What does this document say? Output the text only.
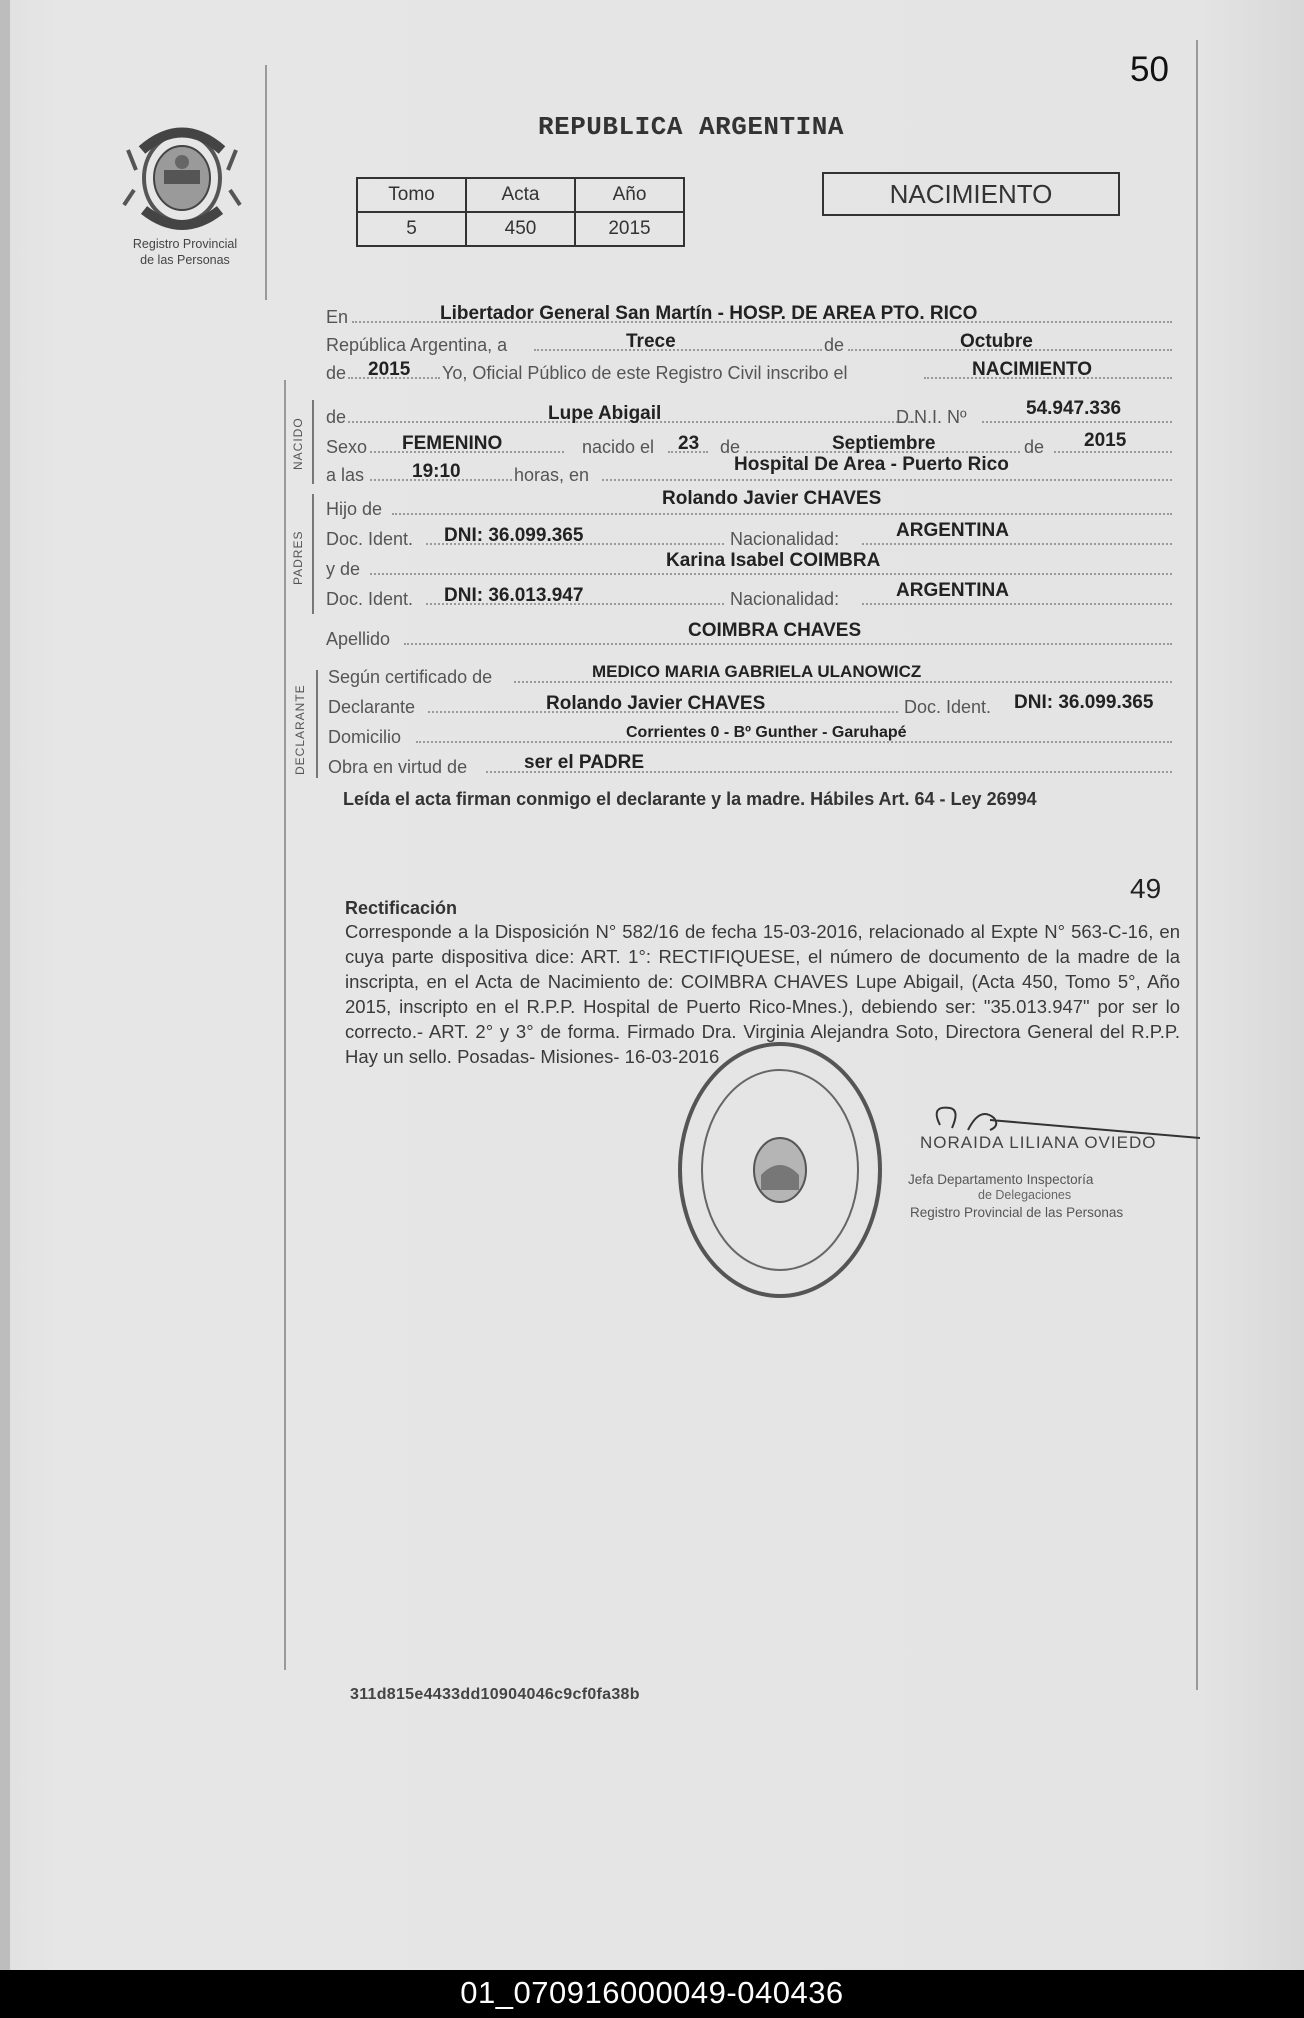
50
Registro Provincial
de las Personas
REPUBLICA ARGENTINA
Tomo	Acta	Año
5	450	2015
NACIMIENTO
En	Libertador General San Martín - HOSP. DE AREA PTO. RICO
República Argentina, a	Trece	de	Octubre
de 2015 Yo, Oficial Público de este Registro Civil inscribo el	NACIMIENTO
NACIDO
de	Lupe Abigail	D.N.I. Nº	54.947.336
Sexo FEMENINO	nacido el 23 de	Septiembre	de 2015
a las	19:10	horas, en	Hospital De Area - Puerto Rico
PADRES
Hijo de	Rolando Javier CHAVES
Doc. Ident. DNI: 36.099.365	Nacionalidad:	ARGENTINA
y de	Karina Isabel COIMBRA
Doc. Ident. DNI: 36.013.947	Nacionalidad:	ARGENTINA
Apellido	COIMBRA CHAVES
DECLARANTE
Según certificado de	MEDICO MARIA GABRIELA ULANOWICZ
Declarante	Rolando Javier CHAVES	Doc. Ident. DNI: 36.099.365
Domicilio	Corrientes 0 - Bº Gunther - Garuhapé
Obra en virtud de	ser el PADRE
Leída el acta firman conmigo el declarante y la madre. Hábiles Art. 64 - Ley 26994
49
Rectificación
Corresponde a la Disposición N° 582/16 de fecha 15-03-2016, relacionado al Expte N° 563-C-16, en cuya parte dispositiva dice: ART. 1°: RECTIFIQUESE, el número de documento de la madre de la inscripta, en el Acta de Nacimiento de: COIMBRA CHAVES Lupe Abigail, (Acta 450, Tomo 5°, Año 2015, inscripto en el R.P.P. Hospital de Puerto Rico-Mnes.), debiendo ser: "35.013.947" por ser lo correcto.- ART. 2° y 3° de forma. Firmado Dra. Virginia Alejandra Soto, Directora General del R.P.P. Hay un sello. Posadas- Misiones- 16-03-2016
NORAIDA LILIANA OVIEDO
Jefa Departamento Inspectoría
de Delegaciones
Registro Provincial de las Personas
311d815e4433dd10904046c9cf0fa38b
01_070916000049-040436
